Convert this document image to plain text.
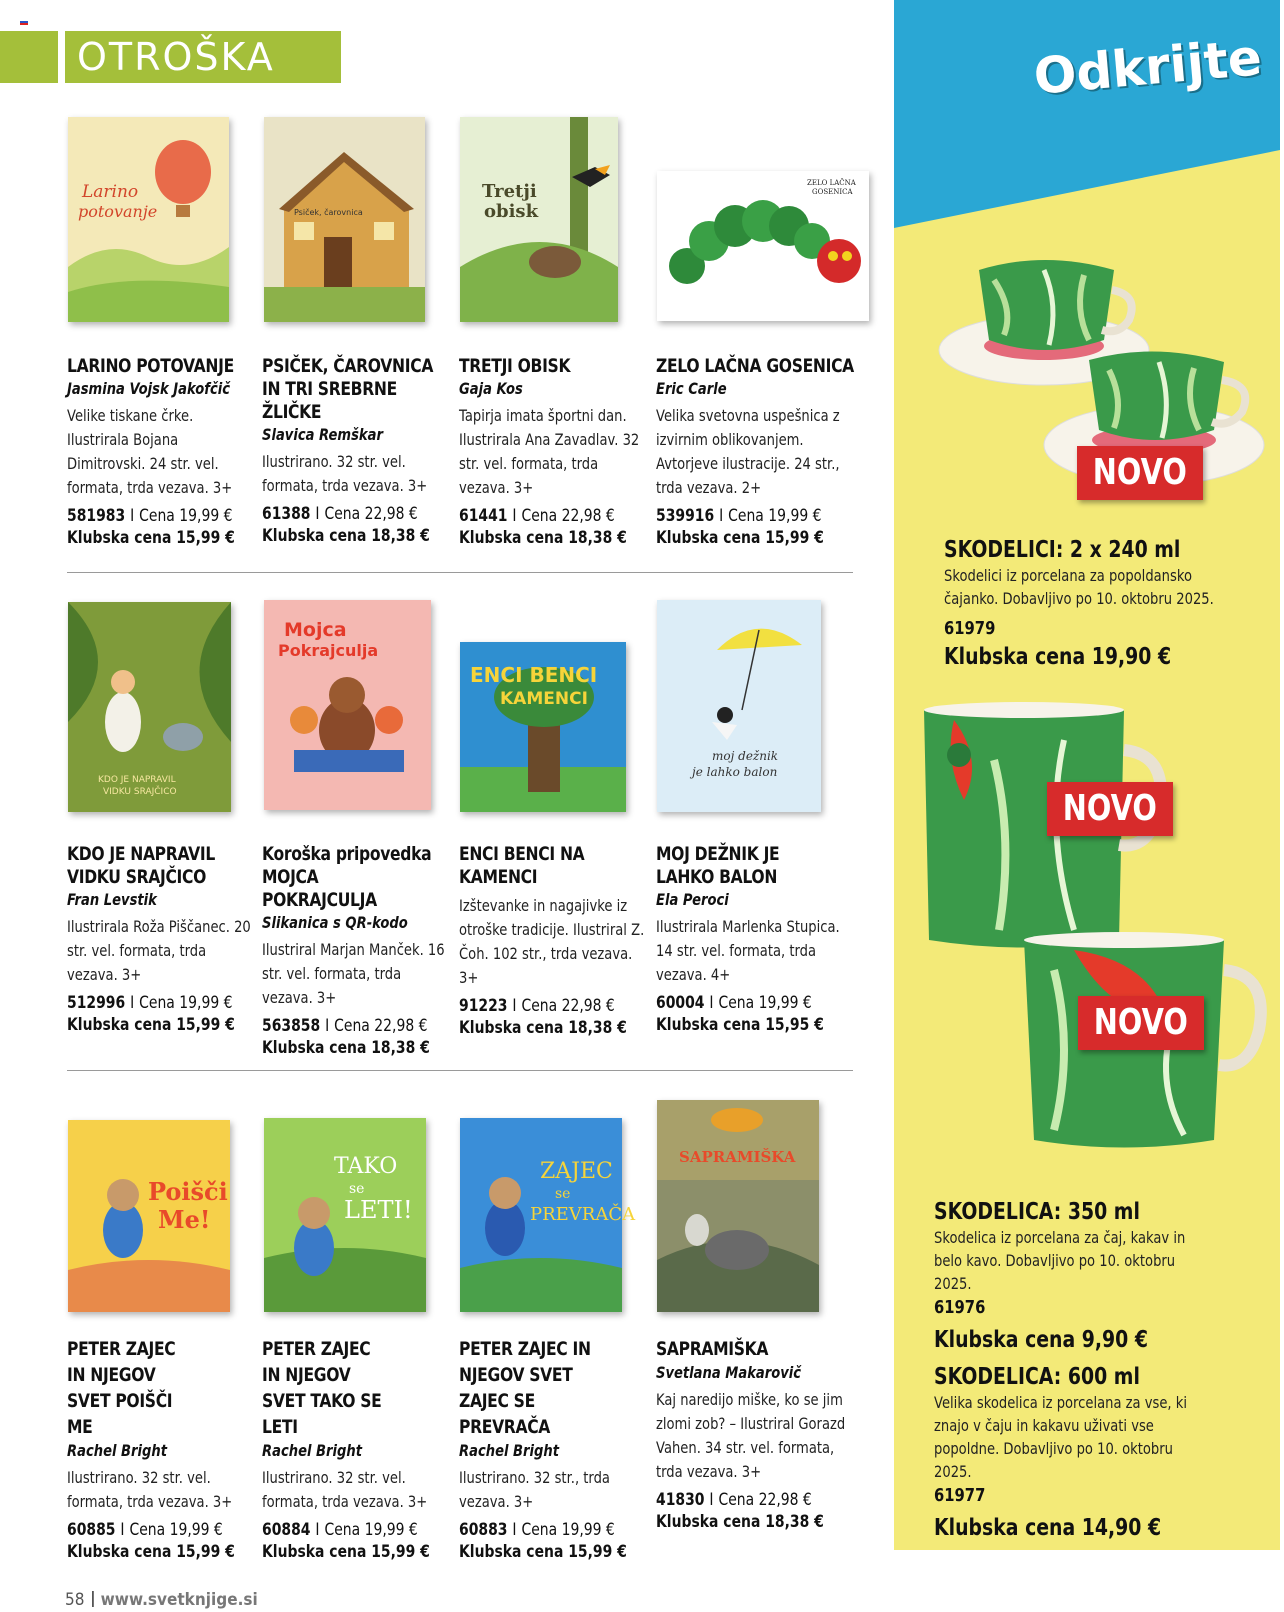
OTROŠKA
Larino
potovanje	Psiček, čarovnica
Tretji
obisk
ZELO LAČNA
GOSENICA
LARINO POTOVANJE
Jasmina Vojsk Jakofčič
Velike tiskane črke. Ilustrirala Bojana Dimitrovski. 24 str. vel. formata, trda vezava. 3+
581983 I Cena 19,99 €
Klubska cena 15,99 €
PSIČEK, ČAROVNICA IN TRI SREBRNE ŽLIČKE
Slavica Remškar
Ilustrirano. 32 str. vel. formata, trda vezava. 3+
61388 I Cena 22,98 €
Klubska cena 18,38 €
TRETJI OBISK
Gaja Kos
Tapirja imata športni dan. Ilustrirala Ana Zavadlav. 32 str. vel. formata, trda vezava. 3+
61441 I Cena 22,98 €
Klubska cena 18,38 €
ZELO LAČNA GOSENICA
Eric Carle
Velika svetovna uspešnica z izvirnim oblikovanjem. Avtorjeve ilustracije. 24 str., trda vezava. 2+
539916 I Cena 19,99 €
Klubska cena 15,99 €
KDO JE NAPRAVIL
VIDKU SRAJČICO
Mojca
Pokrajculja
ENCI BENCI
KAMENCI
moj dežnik
je lahko balon
KDO JE NAPRAVIL VIDKU SRAJČICO
Fran Levstik
Ilustrirala Roža Piščanec. 20 str. vel. formata, trda vezava. 3+
512996 I Cena 19,99 €
Klubska cena 15,99 €
Koroška pripovedka MOJCA POKRAJCULJA
Slikanica s QR-kodo
Ilustriral Marjan Manček. 16 str. vel. formata, trda vezava. 3+
563858 I Cena 22,98 €
Klubska cena 18,38 €
ENCI BENCI NA KAMENCI
Izštevanke in nagajivke iz otroške tradicije. Ilustriral Z. Čoh. 102 str., trda vezava. 3+
91223 I Cena 22,98 €
Klubska cena 18,38 €
MOJ DEŽNIK JE LAHKO BALON
Ela Peroci
Ilustrirala Marlenka Stupica. 14 str. vel. formata, trda vezava. 4+
60004 I Cena 19,99 €
Klubska cena 15,95 €
Poišči
Me!
TAKO
se
LETI!
ZAJEC
se
PREVRAČA
SAPRAMIŠKA
PETER ZAJEC IN NJEGOV SVET POIŠČI ME
Rachel Bright
Ilustrirano. 32 str. vel. formata, trda vezava. 3+
60885 I Cena 19,99 €
Klubska cena 15,99 €
PETER ZAJEC IN NJEGOV SVET TAKO SE LETI
Rachel Bright
Ilustrirano. 32 str. vel. formata, trda vezava. 3+
60884 I Cena 19,99 €
Klubska cena 15,99 €
PETER ZAJEC IN NJEGOV SVET ZAJEC SE PREVRAČA
Rachel Bright
Ilustrirano. 32 str., trda vezava. 3+
60883 I Cena 19,99 €
Klubska cena 15,99 €
SAPRAMIŠKA
Svetlana Makarovič
Kaj naredijo miške, ko se jim zlomi zob? – Ilustriral Gorazd Vahen. 34 str. vel. formata, trda vezava. 3+
41830 I Cena 22,98 €
Klubska cena 18,38 €
Odkrijte
NOVO
SKODELICI: 2 x 240 ml
Skodelici iz porcelana za popoldansko čajanko. Dobavljivo po 10. oktobru 2025.
61979
Klubska cena 19,90 €
NOVO
NOVO
SKODELICA: 350 ml
Skodelica iz porcelana za čaj, kakav in belo kavo. Dobavljivo po 10. oktobru 2025.
61976
Klubska cena 9,90 €
SKODELICA: 600 ml
Velika skodelica iz porcelana za vse, ki znajo v čaju in kakavu uživati vse popoldne. Dobavljivo po 10. oktobru 2025.
61977
Klubska cena 14,90 €
58 www.svetknjige.si
